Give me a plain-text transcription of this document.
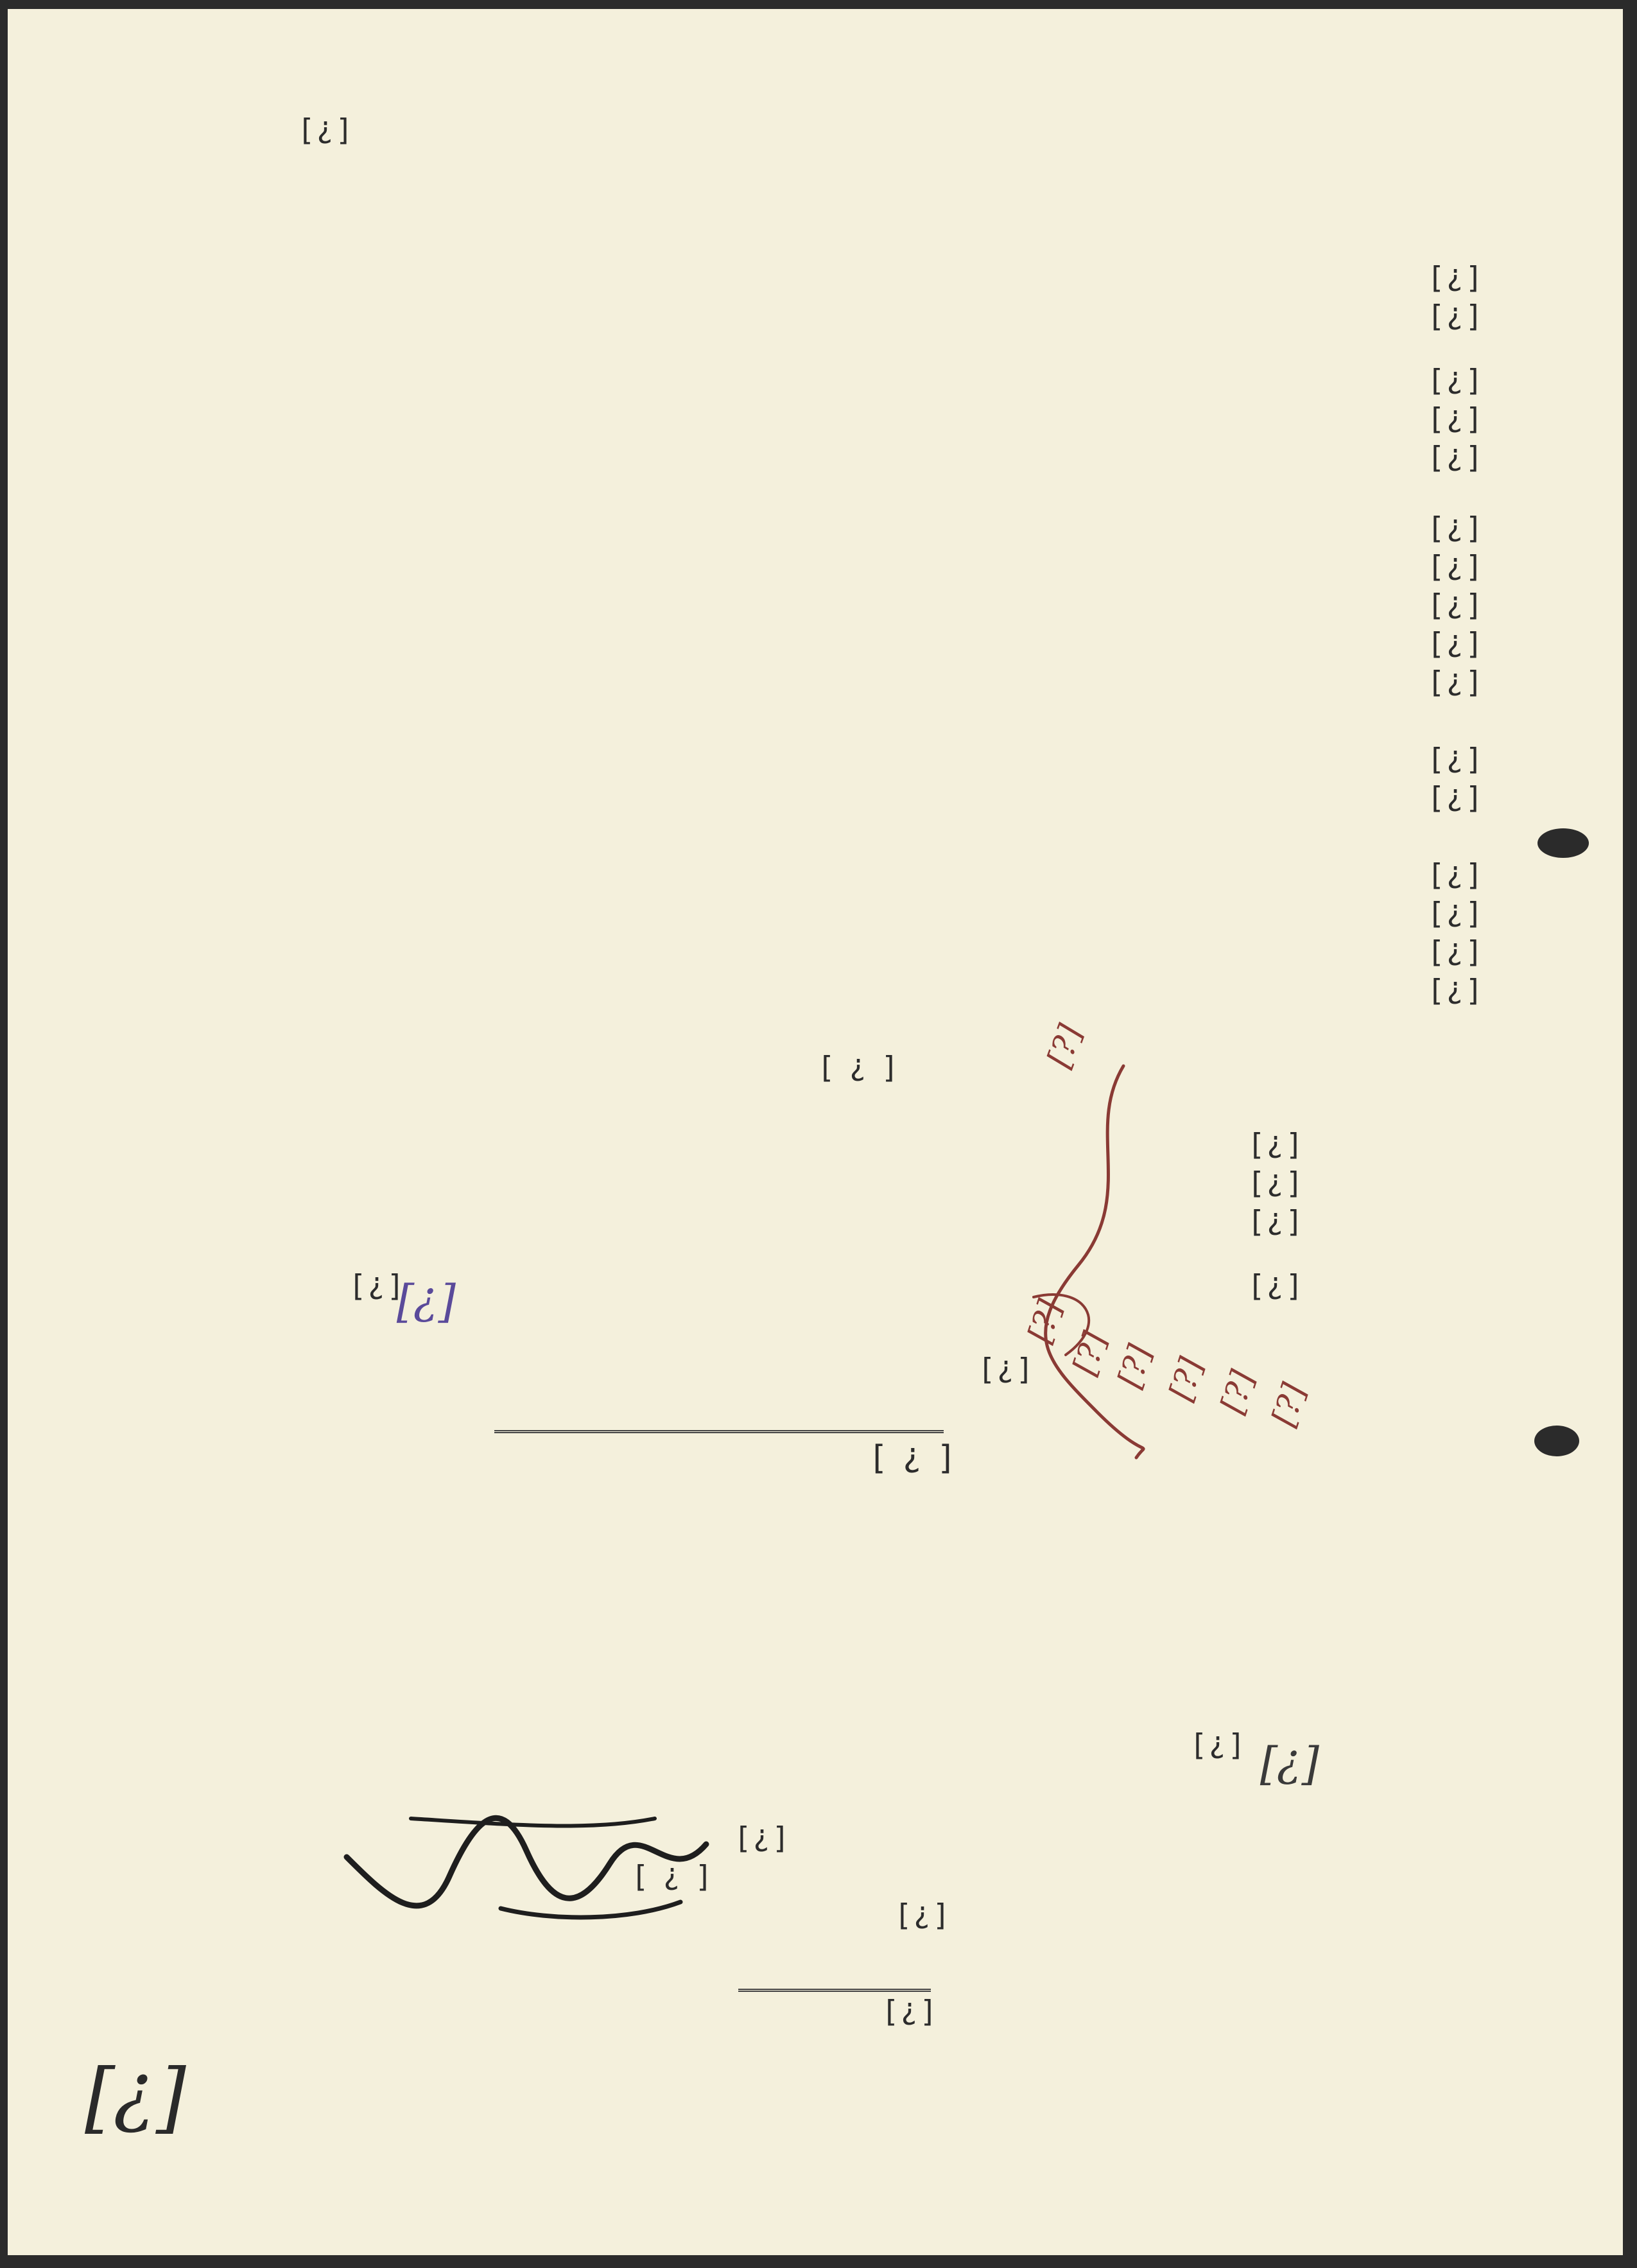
[?]
[?]
[?]
[?]
[?]
[?]
[?]
[?]
[?]
[?]
[?]
[?]
[?]
[?]
[?]
[?]
[?]
[?]
[?]
[?]
[?]
[?]
[?]
[?]
[?]
[?]
[?]
[?]
[?]
[?]
[?]
[?]
[?]
[?]
[?]
[?] [?] [?] [?]
[?]
